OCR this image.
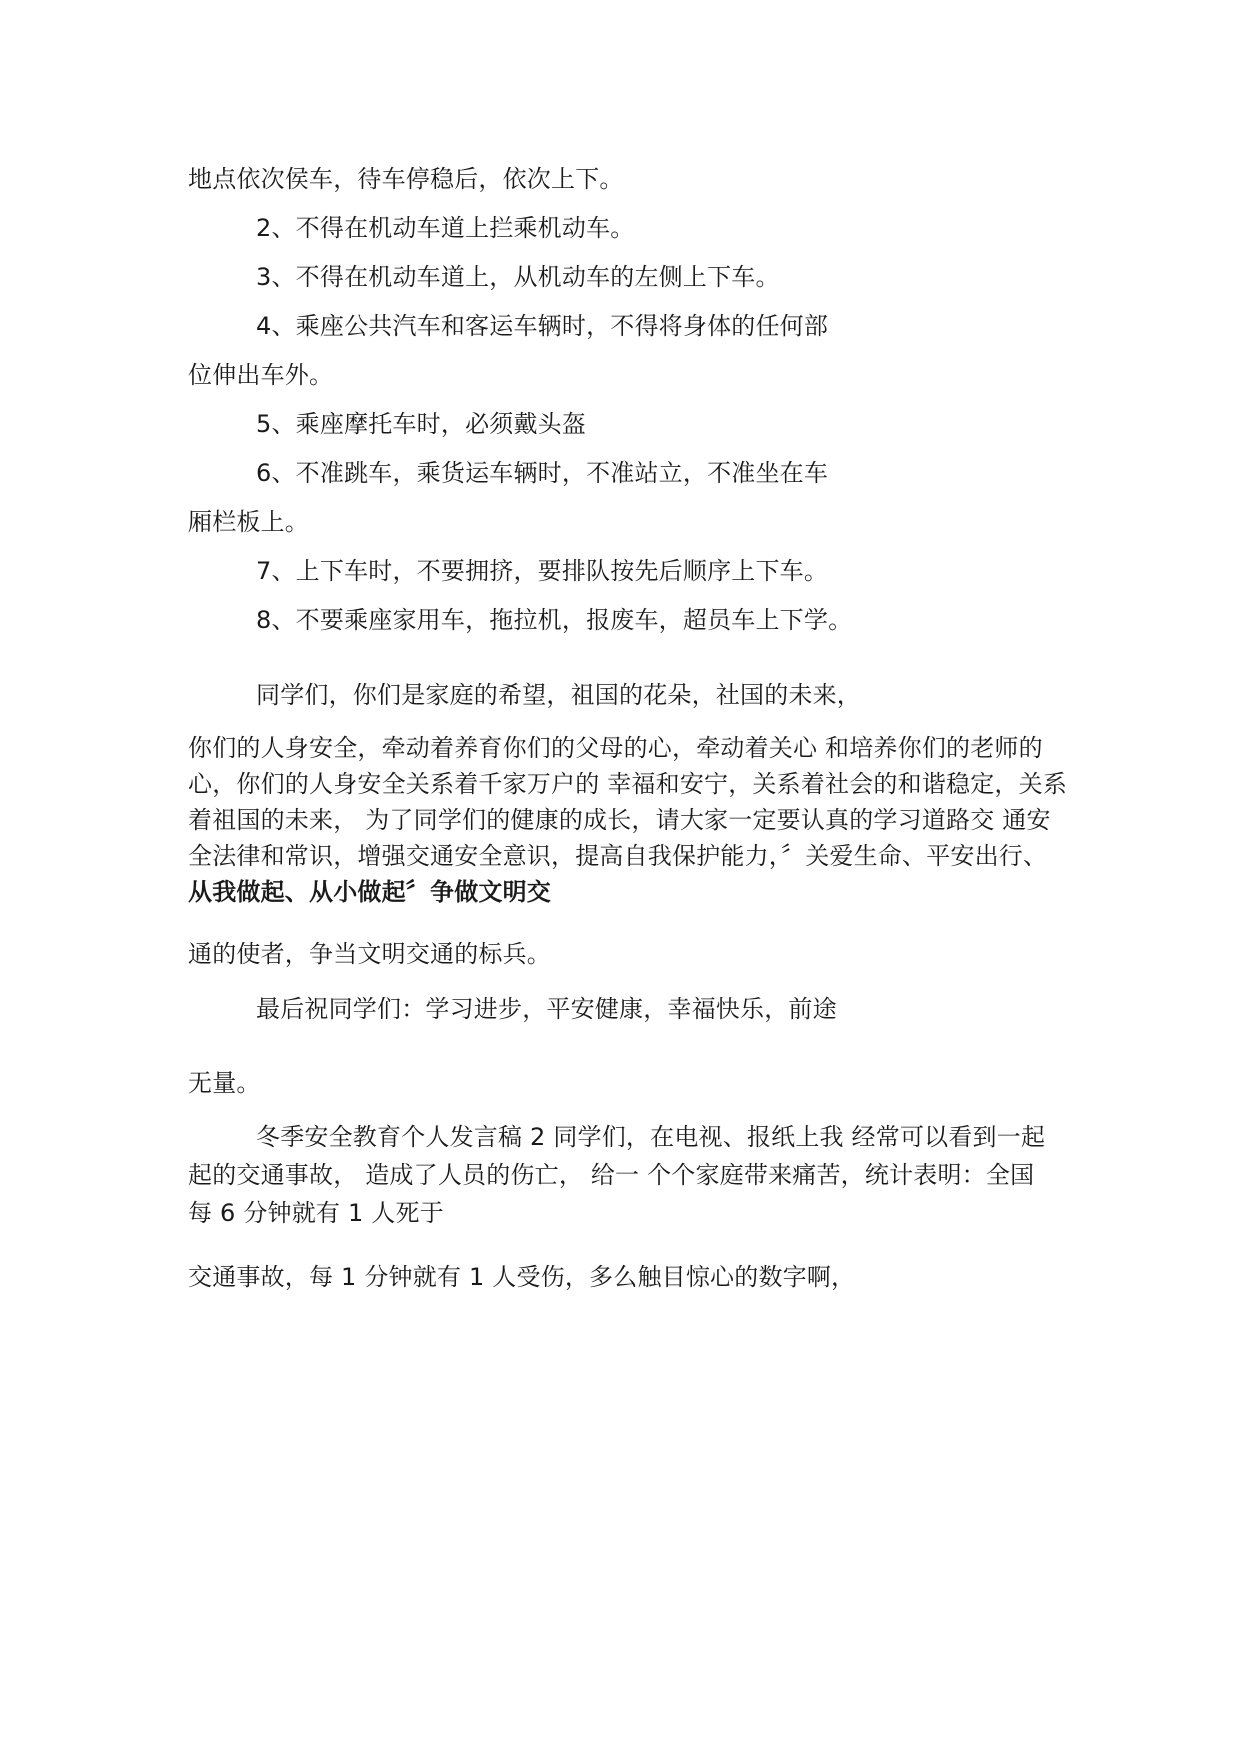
地点依次侯车，待车停稳后，依次上下。
2、不得在机动车道上拦乘机动车。
3、不得在机动车道上，从机动车的左侧上下车。
4、乘座公共汽车和客运车辆时，不得将身体的任何部
位伸出车外。
5、乘座摩托车时，必须戴头盔
6、不准跳车，乘货运车辆时，不准站立，不准坐在车
厢栏板上。
7、上下车时，不要拥挤，要排队按先后顺序上下车。
8、不要乘座家用车，拖拉机，报废车，超员车上下学。
同学们，你们是家庭的希望，祖国的花朵，社国的未来，
你们的人身安全，牵动着养育你们的父母的心，牵动着关心 和培养你们的老师的
心，你们的人身安全关系着千家万户的 幸福和安宁，关系着社会的和谐稳定，关系
着祖国的未来， 为了同学们的健康的成长，请大家一定要认真的学习道路交 通安
全法律和常识，增强交通安全意识，提高自我保护能力，〞关爱生命、平安出行、
从我做起、从小做起〞争做文明交
通的使者，争当文明交通的标兵。
最后祝同学们：学习进步，平安健康，幸福快乐，前途
无量。
冬季安全教育个人发言稿 2 同学们，在电视、报纸上我 经常可以看到一起
起的交通事故， 造成了人员的伤亡， 给一 个个家庭带来痛苦，统计表明：全国
每 6 分钟就有 1 人死于
交通事故，每 1 分钟就有 1 人受伤，多么触目惊心的数字啊，
